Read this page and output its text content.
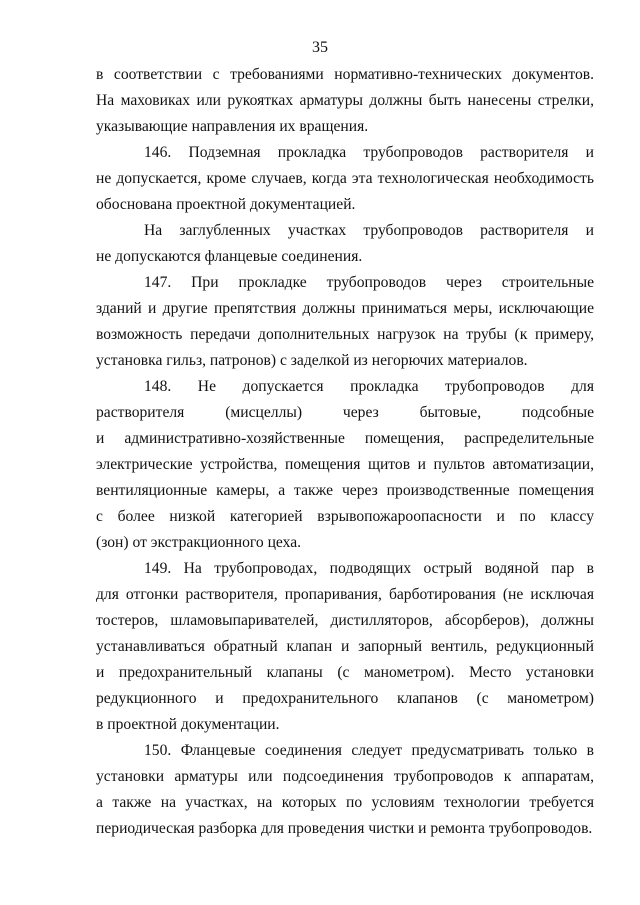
35
в соответствии с требованиями нормативно-технических документов.
На маховиках или рукоятках арматуры должны быть нанесены стрелки,
указывающие направления их вращения.
146. Подземная прокладка трубопроводов растворителя и
не допускается, кроме случаев, когда эта технологическая необходимость
обоснована проектной документацией.
На заглубленных участках трубопроводов растворителя и
не допускаются фланцевые соединения.
147. При прокладке трубопроводов через строительные
зданий и другие препятствия должны приниматься меры, исключающие
возможность передачи дополнительных нагрузок на трубы (к примеру,
установка гильз, патронов) с заделкой из негорючих материалов.
148. Не допускается прокладка трубопроводов для
растворителя (мисцеллы) через бытовые, подсобные
и административно-хозяйственные помещения, распределительные
электрические устройства, помещения щитов и пультов автоматизации,
вентиляционные камеры, а также через производственные помещения
с более низкой категорией взрывопожароопасности и по классу
(зон) от экстракционного цеха.
149. На трубопроводах, подводящих острый водяной пар в
для отгонки растворителя, пропаривания, барботирования (не исключая
тостеров, шламовыпаривателей, дистилляторов, абсорберов), должны
устанавливаться обратный клапан и запорный вентиль, редукционный
и предохранительный клапаны (с манометром). Место установки
редукционного и предохранительного клапанов (с манометром)
в проектной документации.
150. Фланцевые соединения следует предусматривать только в
установки арматуры или подсоединения трубопроводов к аппаратам,
а также на участках, на которых по условиям технологии требуется
периодическая разборка для проведения чистки и ремонта трубопроводов.
